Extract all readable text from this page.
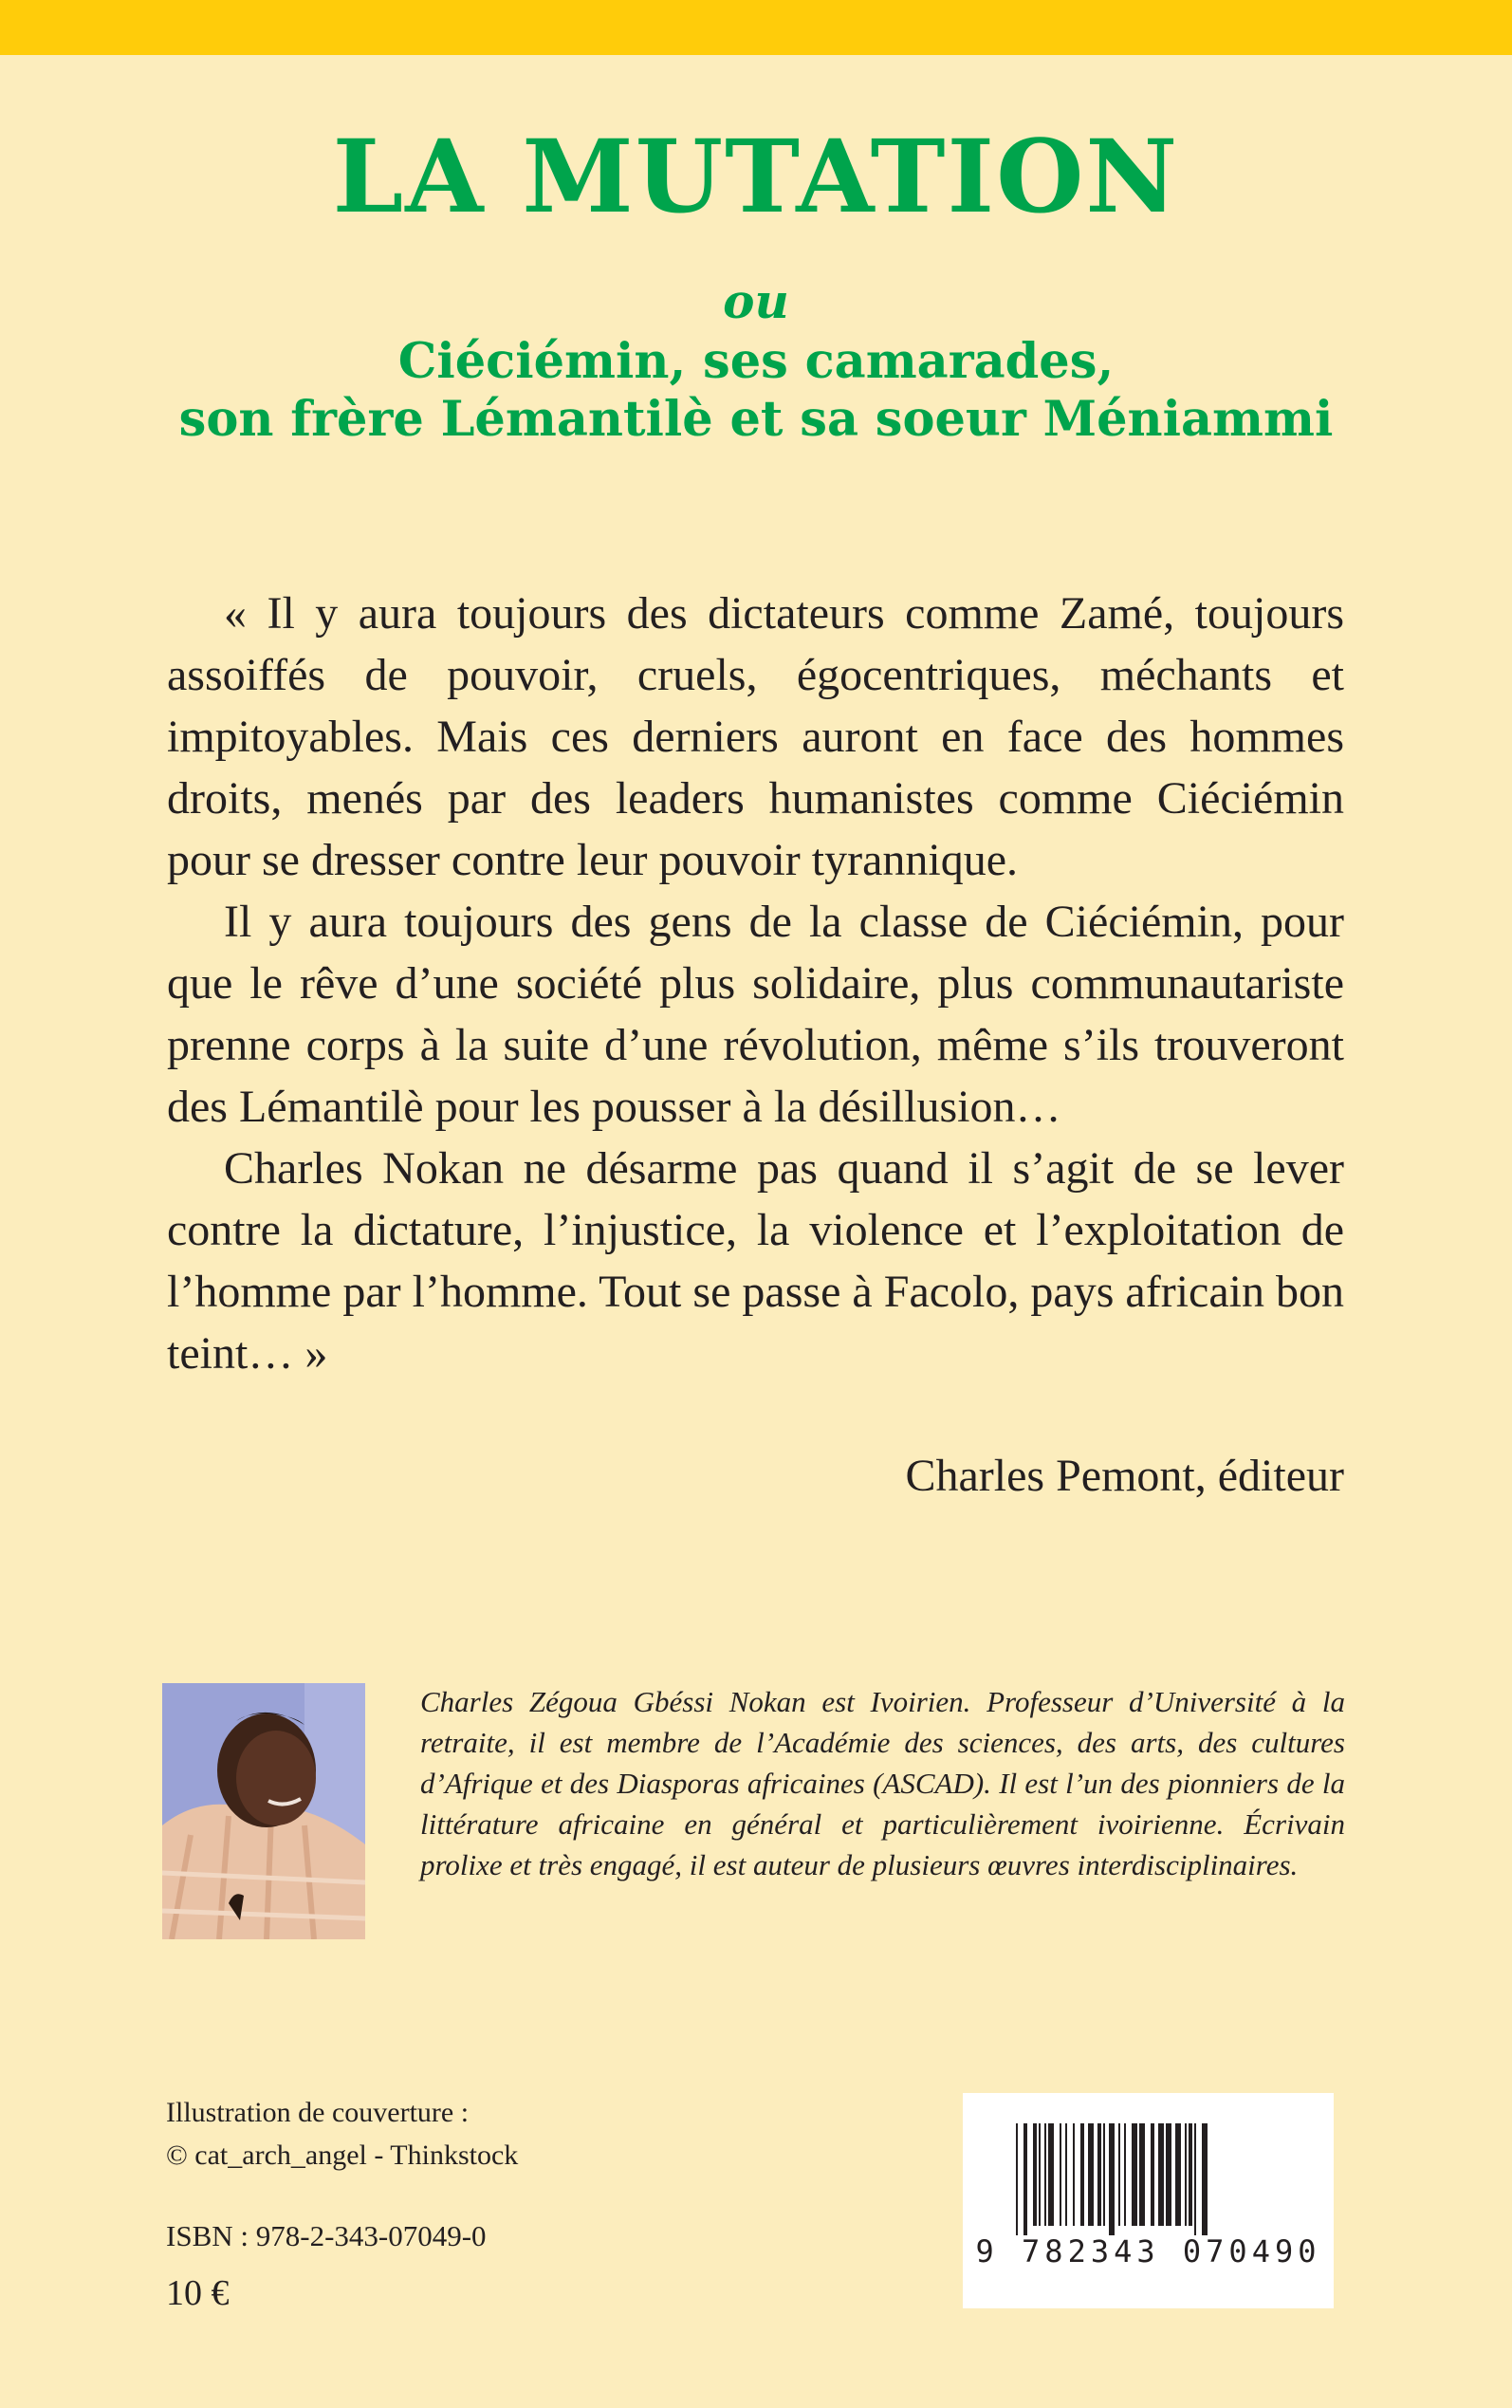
LA MUTATION
ou
Ciéciémin, ses camarades,
son frère Lémantilè et sa soeur Méniammi

« Il y aura toujours des dictateurs comme Zamé, toujours assoiffés de pouvoir, cruels, égocentriques, méchants et impitoyables. Mais ces derniers auront en face des hommes droits, menés par des leaders humanistes comme Ciéciémin pour se dresser contre leur pouvoir tyrannique.

Il y aura toujours des gens de la classe de Ciéciémin, pour que le rêve d’une société plus solidaire, plus communautariste prenne corps à la suite d’une révolution, même s’ils trouveront des Lémantilè pour les pousser à la désillusion…

Charles Nokan ne désarme pas quand il s’agit de se lever contre la dictature, l’injustice, la violence et l’exploitation de l’homme par l’homme. Tout se passe à Facolo, pays africain bon teint… »

Charles Pemont, éditeur
Charles Zégoua Gbéssi Nokan est Ivoirien. Professeur d’Université à la retraite, il est membre de l’Académie des sciences, des arts, des cultures d’Afrique et des Diasporas africaines (ASCAD). Il est l’un des pionniers de la littérature africaine en général et particulièrement ivoirienne. Écrivain prolixe et très engagé, il est auteur de plusieurs œuvres interdisciplinaires.
Illustration de couverture :
© cat_arch_angel - Thinkstock
ISBN : 978-2-343-07049-0
10 €
9 782343 070490
